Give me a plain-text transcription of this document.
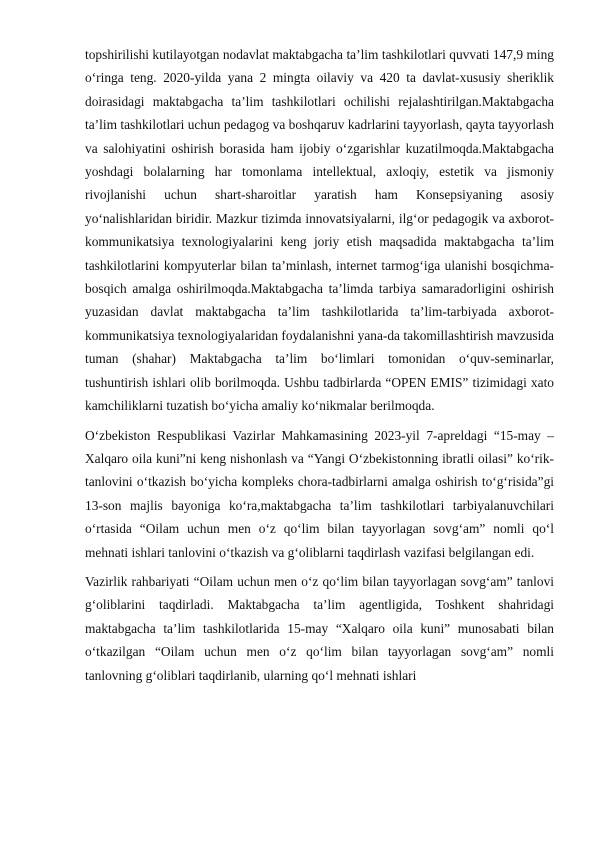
topshirilishi kutilayotgan nodavlat maktabgacha ta’lim tashkilotlari quvvati 147,9 ming o‘ringa teng. 2020-yilda yana 2 mingta oilaviy va 420 ta davlat-xususiy sheriklik doirasidagi maktabgacha ta’lim tashkilotlari ochilishi rejalashtirilgan.Maktabgacha ta’lim tashkilotlari uchun pedagog va boshqaruv kadrlarini tayyorlash, qayta tayyorlash va salohiyatini oshirish borasida ham ijobiy o‘zgarishlar kuzatilmoqda.Maktabgacha yoshdagi bolalarning har tomonlama intellektual, axloqiy, estetik va jismoniy rivojlanishi uchun shart-sharoitlar yaratish ham Konsepsiyaning asosiy yo‘nalishlaridan biridir. Mazkur tizimda innovatsiyalarni, ilg‘or pedagogik va axborot-kommunikatsiya texnologiyalarini keng joriy etish maqsadida maktabgacha ta’lim tashkilotlarini kompyuterlar bilan ta’minlash, internet tarmog‘iga ulanishi bosqichma-bosqich amalga oshirilmoqda.Maktabgacha ta’limda tarbiya samaradorligini oshirish yuzasidan davlat maktabgacha ta’lim tashkilotlarida ta’lim-tarbiyada axborot-kommunikatsiya texnologiyalaridan foydalanishni yana-da takomillashtirish mavzusida tuman (shahar) Maktabgacha ta’lim bo‘limlari tomonidan o‘quv-seminarlar, tushuntirish ishlari olib borilmoqda. Ushbu tadbirlarda “OPEN EMIS” tizimidagi xato kamchiliklarni tuzatish bo‘yicha amaliy ko‘nikmalar berilmoqda.

O‘zbekiston Respublikasi Vazirlar Mahkamasining 2023-yil 7-apreldagi “15-may –Xalqaro oila kuni”ni keng nishonlash va “Yangi O‘zbekistonning ibratli oilasi” ko‘rik-tanlovini o‘tkazish bo‘yicha kompleks chora-tadbirlarni amalga oshirish to‘g‘risida”gi 13-son majlis bayoniga ko‘ra,maktabgacha ta’lim tashkilotlari tarbiyalanuvchilari o‘rtasida “Oilam uchun men o‘z qo‘lim bilan tayyorlagan sovg‘am” nomli qo‘l mehnati ishlari tanlovini o‘tkazish va g‘oliblarni taqdirlash vazifasi belgilangan edi.

Vazirlik rahbariyati “Oilam uchun men o‘z qo‘lim bilan tayyorlagan sovg‘am” tanlovi g‘oliblarini taqdirladi. Maktabgacha ta’lim agentligida, Toshkent shahridagi maktabgacha ta’lim tashkilotlarida 15-may “Xalqaro oila kuni” munosabati bilan o‘tkazilgan “Oilam uchun men o‘z qo‘lim bilan tayyorlagan sovg‘am” nomli tanlovning g‘oliblari taqdirlanib, ularning qo‘l mehnati ishlari
